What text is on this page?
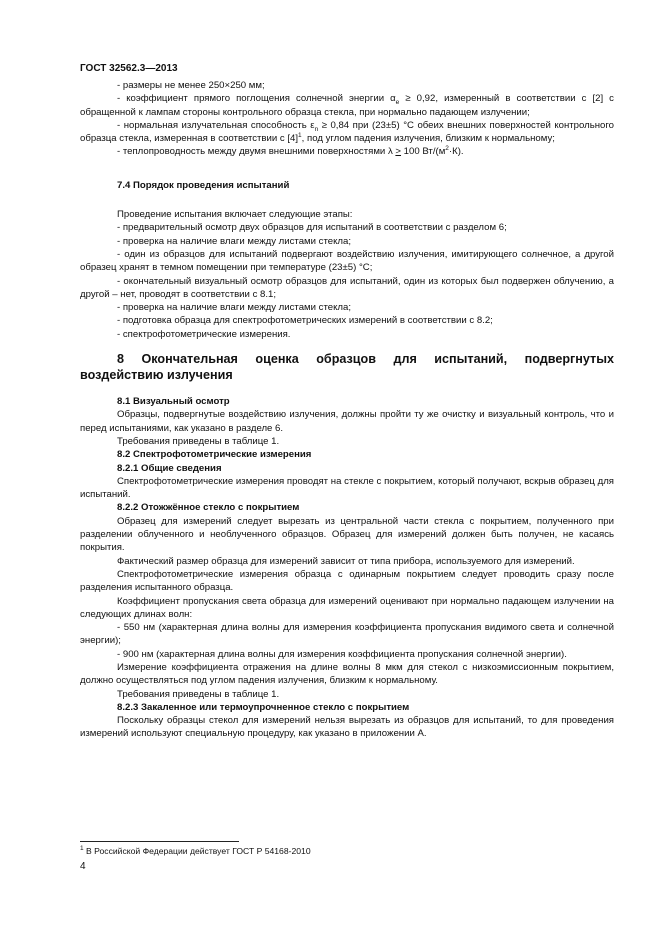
ГОСТ 32562.3—2013

- размеры не менее 250×250 мм;

- коэффициент прямого поглощения солнечной энергии $\alpha_e \ge 0,92$, измеренный в соответствии с [2] с обращенной к лампам стороны контрольного образца стекла, при нормально падающем излучении;

- нормальная излучательная способность $\varepsilon_n \ge 0,84$ при (23±5) °С обеих внешних поверхностей контрольного образца стекла, измеренная в соответствии с $[4]^1$, под углом падения излучения, близким к нормальному;

- теплопроводность между двумя внешними поверхностями λ > 100 $Вт/(м^2\cdot К)$.

7.4 Порядок проведения испытаний

Проведение испытания включает следующие этапы:

- предварительный осмотр двух образцов для испытаний в соответствии с разделом 6;

- проверка на наличие влаги между листами стекла;

- один из образцов для испытаний подвергают воздействию излучения, имитирующего солнечное, а другой образец хранят в темном помещении при температуре (23±5) °С;

- окончательный визуальный осмотр образцов для испытаний, один из которых был подвержен облучению, а другой – нет, проводят в соответствии с 8.1;

- проверка на наличие влаги между листами стекла;

- подготовка образца для спектрофотометрических измерений в соответствии с 8.2;

- спектрофотометрические измерения.

8 Окончательная оценка образцов для испытаний, подвергнутых воздействию излучения

8.1 Визуальный осмотр

Образцы, подвергнутые воздействию излучения, должны пройти ту же очистку и визуальный контроль, что и перед испытаниями, как указано в разделе 6.

Требования приведены в таблице 1.

8.2 Спектрофотометрические измерения

8.2.1 Общие сведения

Спектрофотометрические измерения проводят на стекле с покрытием, который получают, вскрыв образец для испытаний.

8.2.2 Отожжённое стекло с покрытием

Образец для измерений следует вырезать из центральной части стекла с покрытием, полученного при разделении облученного и необлученного образцов. Образец для измерений должен быть получен, не касаясь покрытия.

Фактический размер образца для измерений зависит от типа прибора, используемого для измерений.

Спектрофотометрические измерения образца с одинарным покрытием следует проводить сразу после разделения испытанного образца.

Коэффициент пропускания света образца для измерений оценивают при нормально падающем излучении на следующих длинах волн:

- 550 нм (характерная длина волны для измерения коэффициента пропускания видимого света и солнечной энергии);

- 900 нм (характерная длина волны для измерения коэффициента пропускания солнечной энергии).

Измерение коэффициента отражения на длине волны 8 мкм для стекол с низкоэмиссионным покрытием, должно осуществляться под углом падения излучения, близким к нормальному.

Требования приведены в таблице 1.

8.2.3 Закаленное или термоупрочненное стекло с покрытием

Поскольку образцы стекол для измерений нельзя вырезать из образцов для испытаний, то для проведения измерений используют специальную процедуру, как указано в приложении А.

$^1$ В Российской Федерации действует ГОСТ Р 54168-2010
4
